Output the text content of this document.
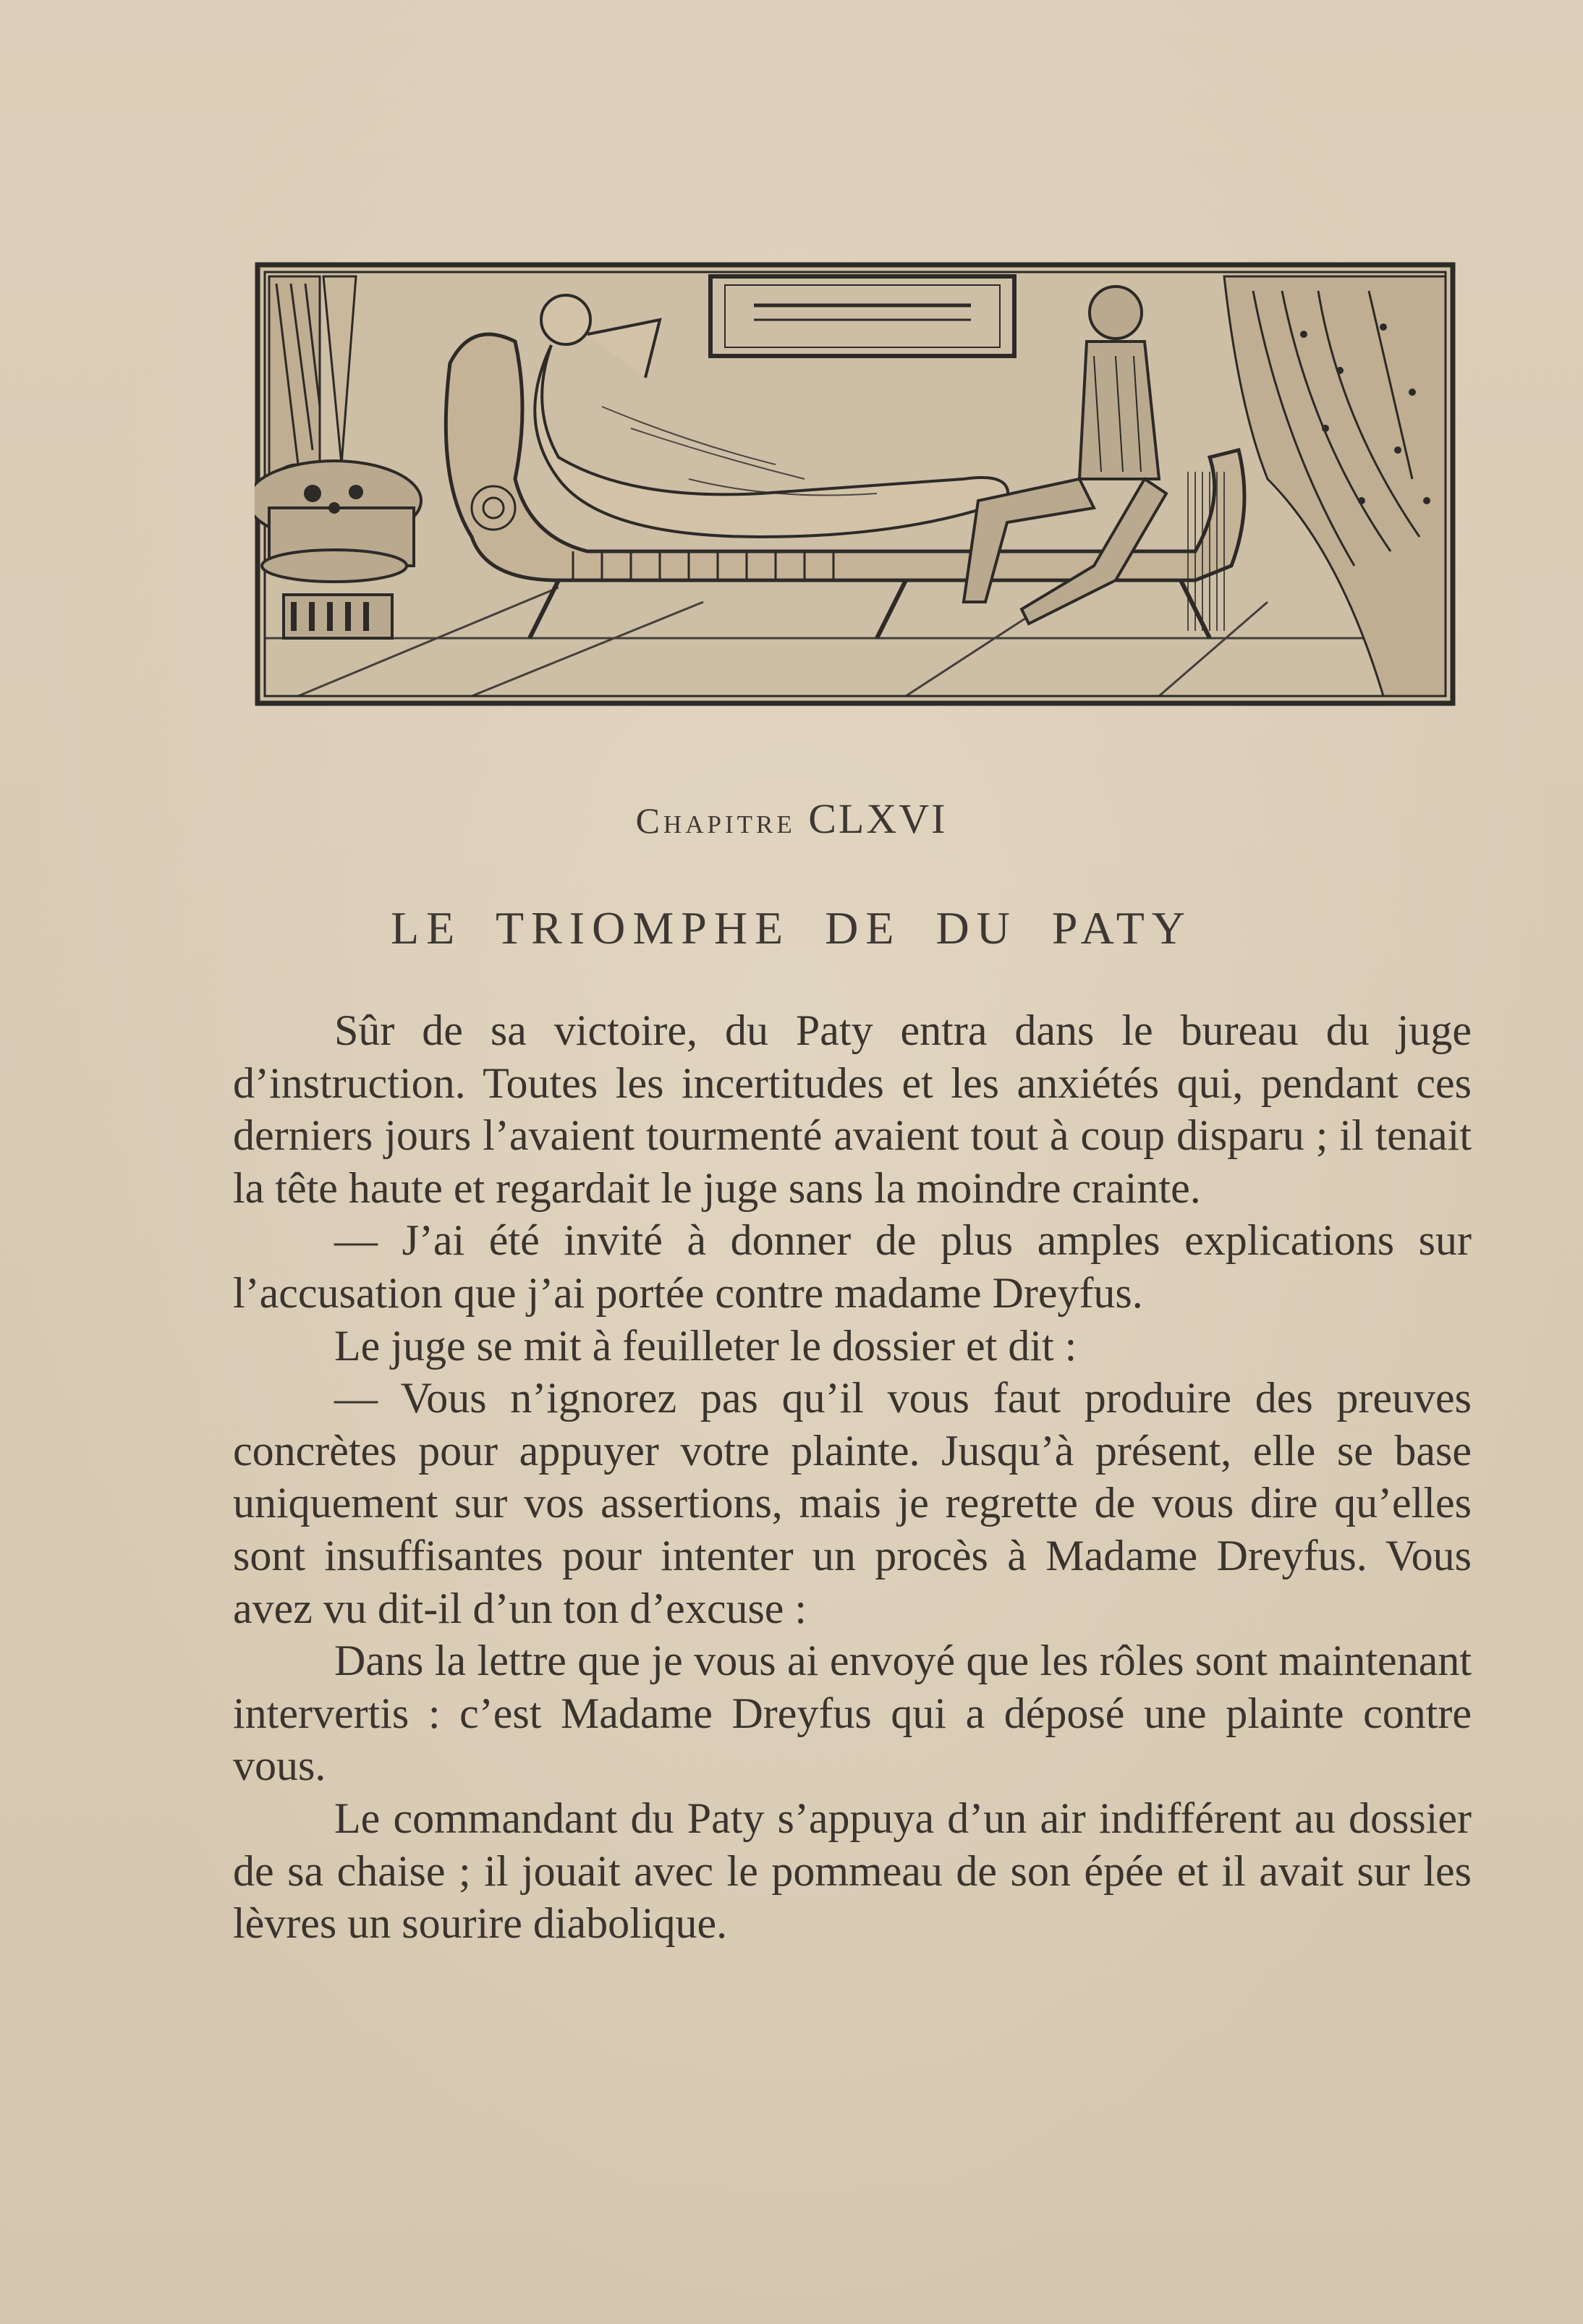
Chapitre CLXVI
LE TRIOMPHE DE DU PATY

Sûr de sa victoire, du Paty entra dans le bureau du juge d’instruction. Toutes les incertitudes et les anxiétés qui, pendant ces derniers jours l’avaient tourmenté avaient tout à coup disparu ; il tenait la tête haute et regardait le juge sans la moindre crainte.

— J’ai été invité à donner de plus amples explications sur l’accusation que j’ai portée contre madame Dreyfus.

Le juge se mit à feuilleter le dossier et dit :

— Vous n’ignorez pas qu’il vous faut produire des preuves concrètes pour appuyer votre plainte. Jusqu’à présent, elle se base uniquement sur vos assertions, mais je regrette de vous dire qu’elles sont insuffisantes pour intenter un procès à Madame Dreyfus. Vous avez vu dit-il d’un ton d’excuse :

Dans la lettre que je vous ai envoyé que les rôles sont maintenant intervertis : c’est Madame Dreyfus qui a déposé une plainte contre vous.

Le commandant du Paty s’appuya d’un air indifférent au dossier de sa chaise ; il jouait avec le pommeau de son épée et il avait sur les lèvres un sourire diabolique.
